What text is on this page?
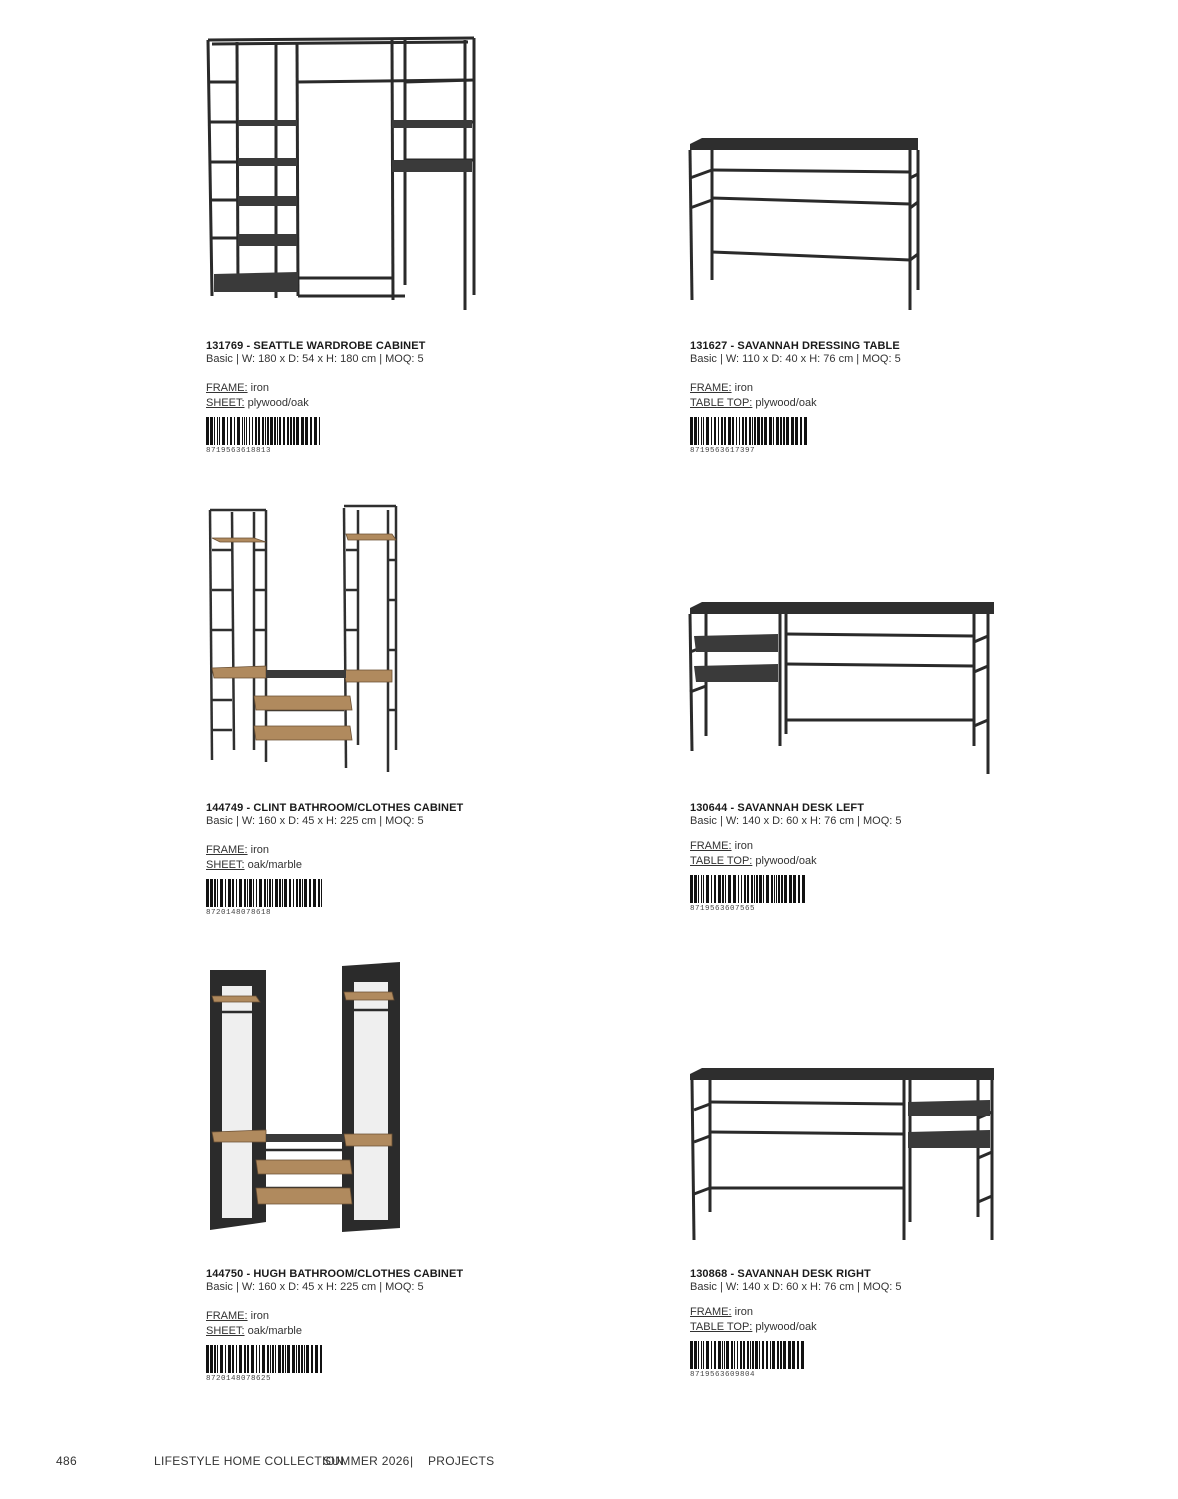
131769 - SEATTLE WARDROBE CABINET
Basic | W: 180 x D: 54 x H: 180 cm | MOQ: 5
FRAME: iron
SHEET: plywood/oak
8719563618813
131627 - SAVANNAH DRESSING TABLE
Basic | W: 110 x D: 40 x H: 76 cm | MOQ: 5
FRAME: iron
TABLE TOP: plywood/oak
8719563617397
144749 - CLINT BATHROOM/CLOTHES CABINET
Basic | W: 160 x D: 45 x H: 225 cm | MOQ: 5
FRAME: iron
SHEET: oak/marble
8720148078618
130644 - SAVANNAH DESK LEFT
Basic | W: 140 x D: 60 x H: 76 cm | MOQ: 5
FRAME: iron
TABLE TOP: plywood/oak
8719563607565
144750 - HUGH BATHROOM/CLOTHES CABINET
Basic | W: 160 x D: 45 x H: 225 cm | MOQ: 5
FRAME: iron
SHEET: oak/marble
8720148078625
130868 - SAVANNAH DESK RIGHT
Basic | W: 140 x D: 60 x H: 76 cm | MOQ: 5
FRAME: iron
TABLE TOP: plywood/oak
8719563609804
486	LIFESTYLE HOME COLLECTION
SUMMER 2026 | PROJECTS
